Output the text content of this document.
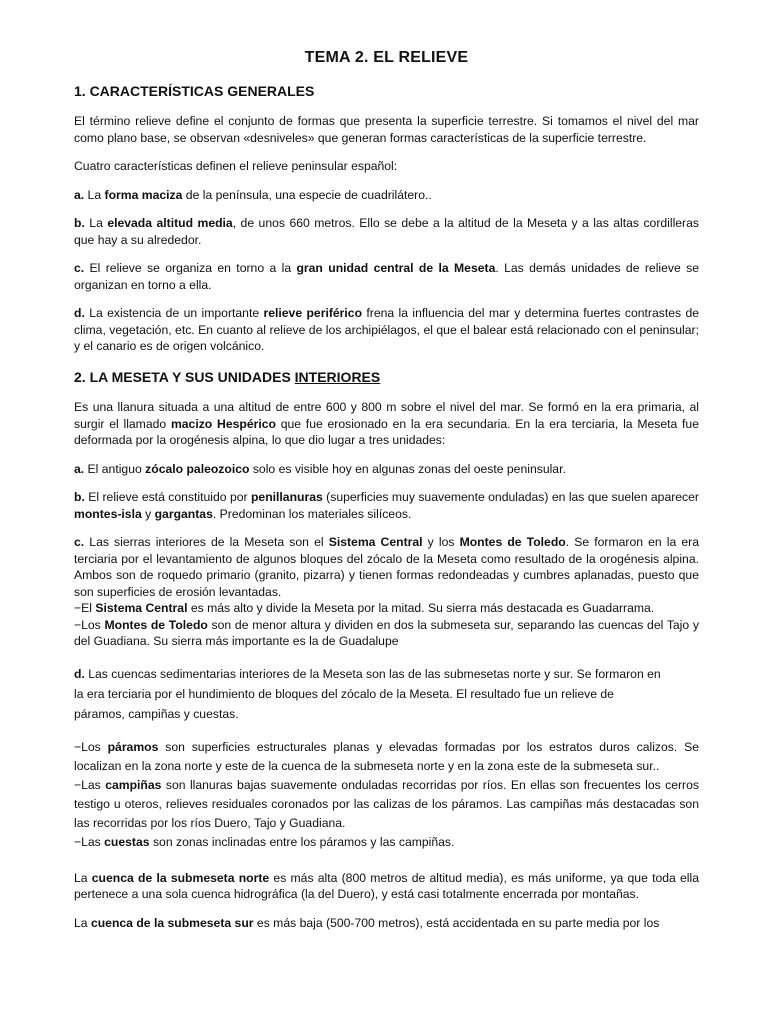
TEMA 2. EL RELIEVE
1. CARACTERÍSTICAS GENERALES

El término relieve define el conjunto de formas que presenta la superficie terrestre. Si tomamos el nivel del mar como plano base, se observan «desniveles» que generan formas características de la superficie terrestre.

Cuatro características definen el relieve peninsular español:

a. La forma maciza de la península, una especie de cuadrilátero..

b. La elevada altitud media, de unos 660 metros. Ello se debe a la altitud de la Meseta y a las altas cordilleras que hay a su alrededor.

c. El relieve se organiza en torno a la gran unidad central de la Meseta. Las demás unidades de relieve se organizan en torno a ella.

d. La existencia de un importante relieve periférico frena la influencia del mar y determina fuertes contrastes de clima, vegetación, etc. En cuanto al relieve de los archipiélagos, el que el balear está relacionado con el peninsular; y el canario es de origen volcánico.

2. LA MESETA Y SUS UNIDADES INTERIORES

Es una llanura situada a una altitud de entre 600 y 800 m sobre el nivel del mar. Se formó en la era primaria, al surgir el llamado macizo Hespérico que fue erosionado en la era secundaria. En la era terciaria, la Meseta fue deformada por la orogénesis alpina, lo que dio lugar a tres unidades:

a. El antiguo zócalo paleozoico solo es visible hoy en algunas zonas del oeste peninsular.

b. El relieve está constituido por penillanuras (superficies muy suavemente onduladas) en las que suelen aparecer montes-isla y gargantas. Predominan los materiales silíceos.

c. Las sierras interiores de la Meseta son el Sistema Central y los Montes de Toledo. Se formaron en la era terciaria por el levantamiento de algunos bloques del zócalo de la Meseta como resultado de la orogénesis alpina. Ambos son de roquedo primario (granito, pizarra) y tienen formas redondeadas y cumbres aplanadas, puesto que son superficies de erosión levantadas.

−El Sistema Central es más alto y divide la Meseta por la mitad. Su sierra más destacada es Guadarrama.

−Los Montes de Toledo son de menor altura y dividen en dos la submeseta sur, separando las cuencas del Tajo y del Guadiana. Su sierra más importante es la de Guadalupe

d. Las cuencas sedimentarias interiores de la Meseta son las de las submesetas norte y sur. Se formaron en

la era terciaria por el hundimiento de bloques del zócalo de la Meseta. El resultado fue un relieve de

páramos, campiñas y cuestas.

−Los páramos son superficies estructurales planas y elevadas formadas por los estratos duros calizos. Se localizan en la zona norte y este de la cuenca de la submeseta norte y en la zona este de la submeseta sur..

−Las campiñas son llanuras bajas suavemente onduladas recorridas por ríos. En ellas son frecuentes los cerros testigo u oteros, relieves residuales coronados por las calizas de los páramos. Las campiñas más destacadas son las recorridas por los ríos Duero, Tajo y Guadiana.

−Las cuestas son zonas inclinadas entre los páramos y las campiñas.

La cuenca de la submeseta norte es más alta (800 metros de altitud media), es más uniforme, ya que toda ella pertenece a una sola cuenca hidrográfica (la del Duero), y está casi totalmente encerrada por montañas.

La cuenca de la submeseta sur es más baja (500-700 metros), está accidentada en su parte media por los
